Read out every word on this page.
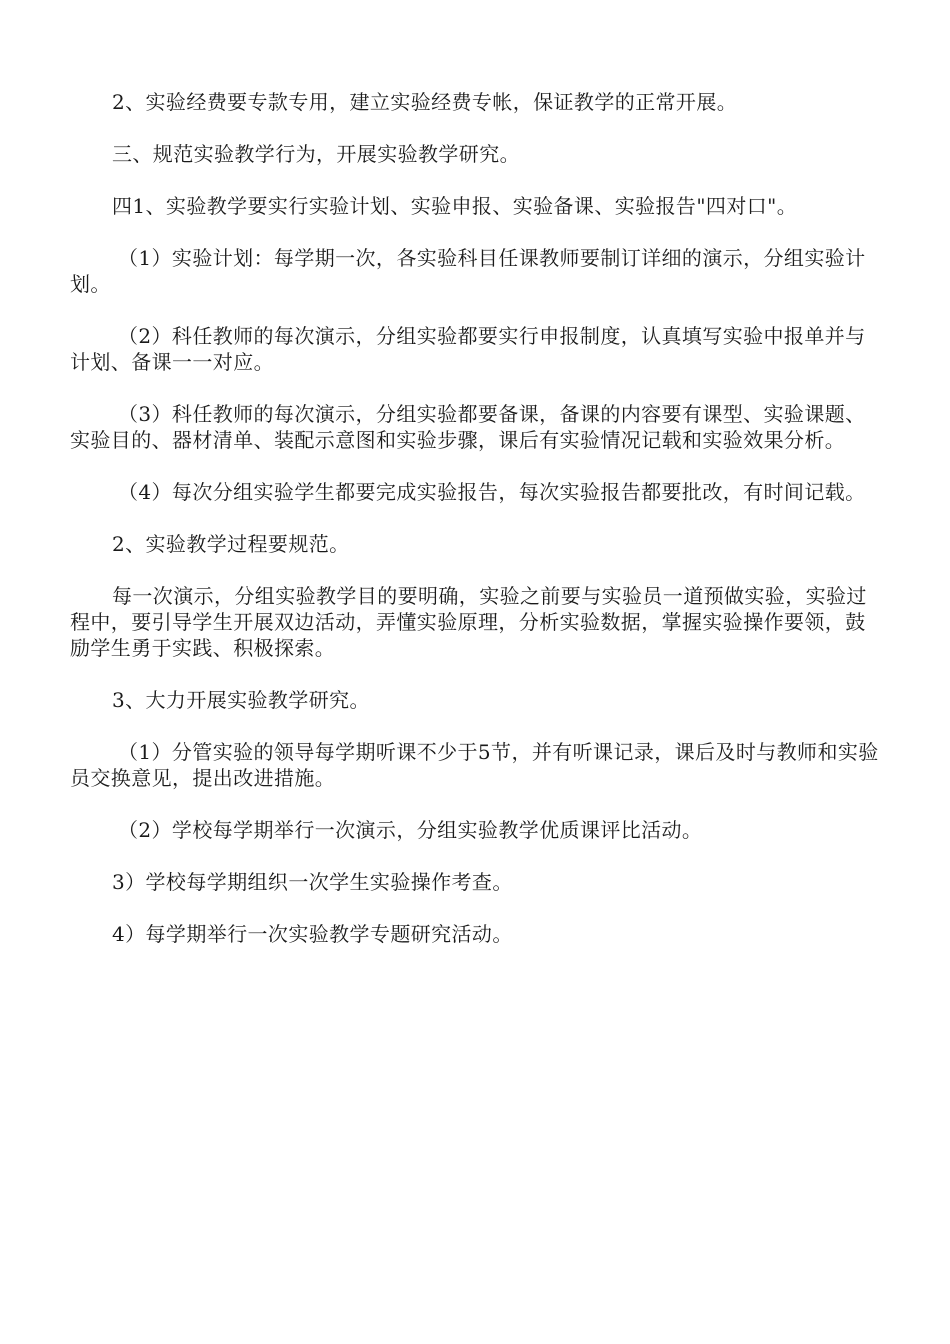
2、实验经费要专款专用，建立实验经费专帐，保证教学的正常开展。

三、规范实验教学行为，开展实验教学研究。

四1、实验教学要实行实验计划、实验申报、实验备课、实验报告"四对口"。

（1）实验计划：每学期一次，各实验科目任课教师要制订详细的演示，分组实验计划。

（2）科任教师的每次演示，分组实验都要实行申报制度，认真填写实验中报单并与计划、备课一一对应。

（3）科任教师的每次演示，分组实验都要备课，备课的内容要有课型、实验课题、实验目的、器材清单、装配示意图和实验步骤，课后有实验情况记载和实验效果分析。

（4）每次分组实验学生都要完成实验报告，每次实验报告都要批改，有时间记载。

2、实验教学过程要规范。

每一次演示，分组实验教学目的要明确，实验之前要与实验员一道预做实验，实验过程中，要引导学生开展双边活动，弄懂实验原理，分析实验数据，掌握实验操作要领，鼓励学生勇于实践、积极探索。

3、大力开展实验教学研究。

（1）分管实验的领导每学期听课不少于5节，并有听课记录，课后及时与教师和实验员交换意见，提出改进措施。

（2）学校每学期举行一次演示，分组实验教学优质课评比活动。

3）学校每学期组织一次学生实验操作考查。

4）每学期举行一次实验教学专题研究活动。
